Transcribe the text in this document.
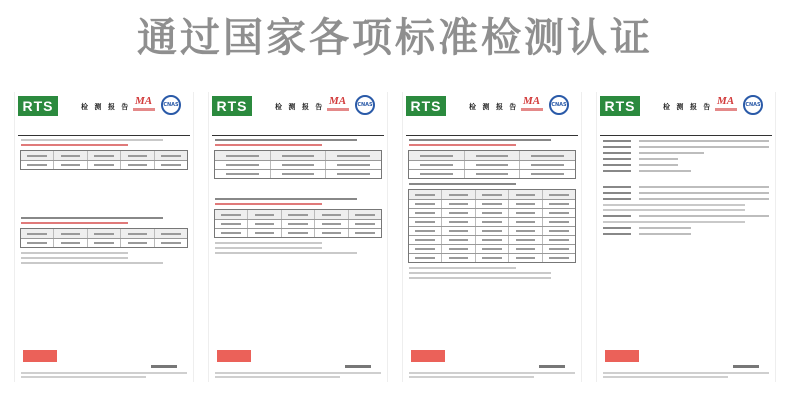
通过国家各项标准检测认证
RTS	检 测 报 告 MA	CNAS	RTS	检 测 报 告 MA	CNAS	RTS	检 测 报 告 MA	CNAS	RTS	检 测 报 告 MA	CNAS
